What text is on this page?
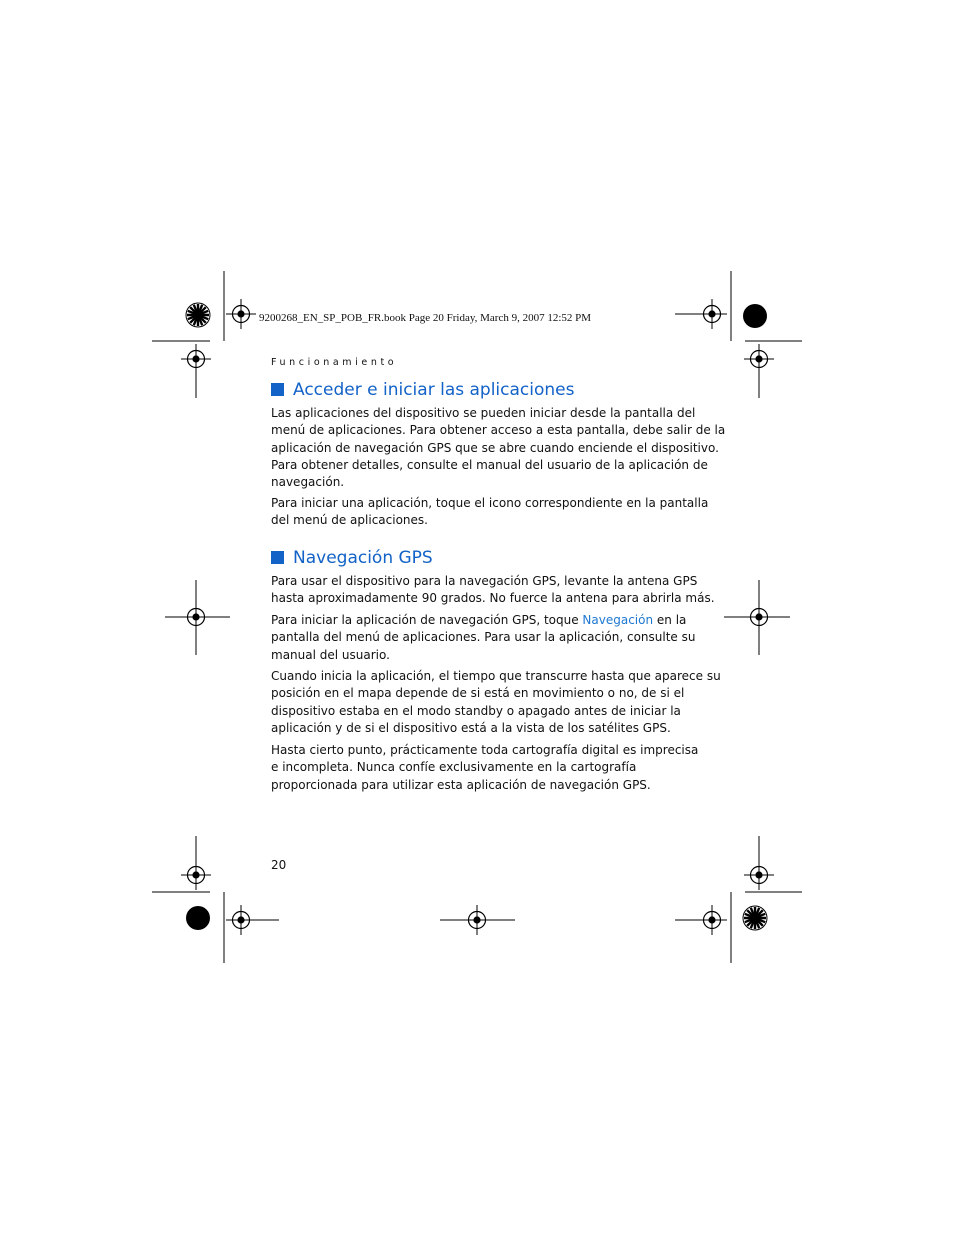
9200268_EN_SP_POB_FR.book Page 20 Friday, March 9, 2007 12:52 PM
Funcionamiento
Acceder e iniciar las aplicaciones
Las aplicaciones del dispositivo se pueden iniciar desde la pantalla del
menú de aplicaciones. Para obtener acceso a esta pantalla, debe salir de la
aplicación de navegación GPS que se abre cuando enciende el dispositivo.
Para obtener detalles, consulte el manual del usuario de la aplicación de
navegación.
Para iniciar una aplicación, toque el icono correspondiente en la pantalla
del menú de aplicaciones.
Navegación GPS
Para usar el dispositivo para la navegación GPS, levante la antena GPS
hasta aproximadamente 90 grados. No fuerce la antena para abrirla más.
Para iniciar la aplicación de navegación GPS, toque Navegación en la
pantalla del menú de aplicaciones. Para usar la aplicación, consulte su
manual del usuario.
Cuando inicia la aplicación, el tiempo que transcurre hasta que aparece su
posición en el mapa depende de si está en movimiento o no, de si el
dispositivo estaba en el modo standby o apagado antes de iniciar la
aplicación y de si el dispositivo está a la vista de los satélites GPS.
Hasta cierto punto, prácticamente toda cartografía digital es imprecisa
e incompleta. Nunca confíe exclusivamente en la cartografía
proporcionada para utilizar esta aplicación de navegación GPS.
20
